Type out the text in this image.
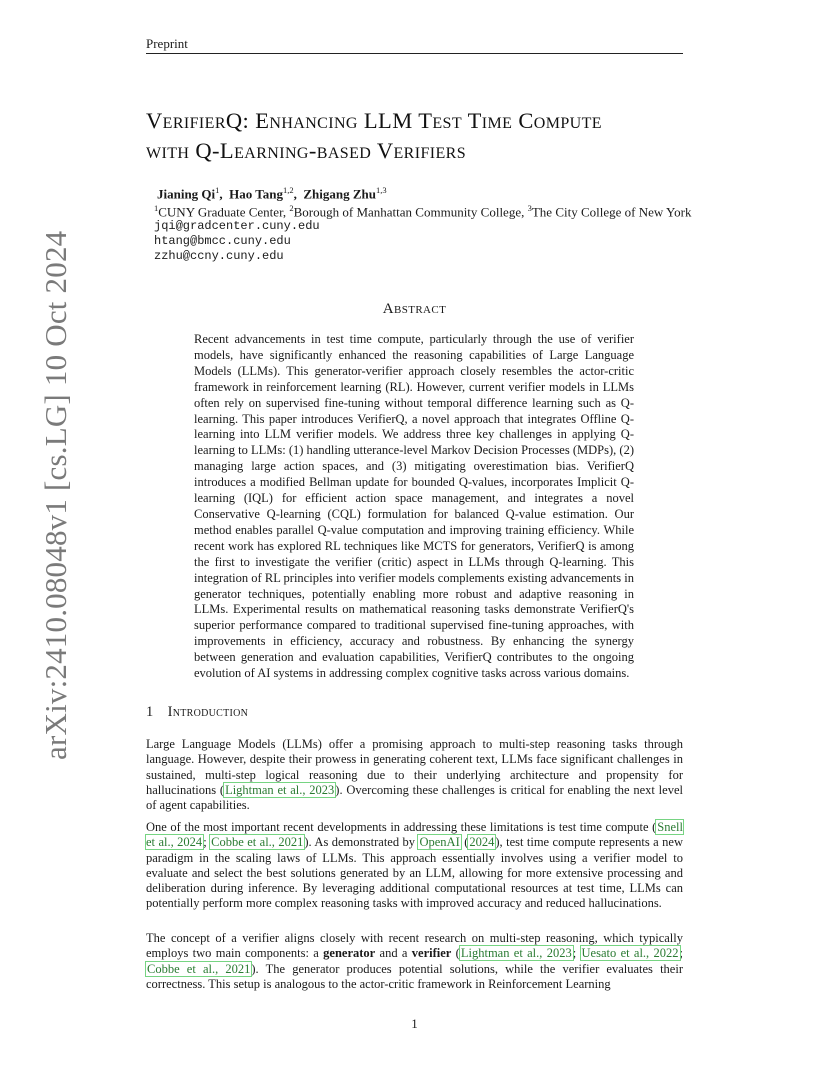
Preprint
arXiv:2410.08048v1 [cs.LG] 10 Oct 2024
VerifierQ: Enhancing LLM Test Time Compute
with Q-Learning-based Verifiers
Jianing Qi$^1$,  Hao Tang$^{1,2}$,  Zhigang Zhu$^{1,3}$
$^1$CUNY Graduate Center, $^2$Borough of Manhattan Community College, $^3$The City College of New York
jqi@gradcenter.cuny.edu
htang@bmcc.cuny.edu
zzhu@ccny.cuny.edu
Abstract
Recent advancements in test time compute, particularly through the use of verifier models, have significantly enhanced the reasoning capabilities of Large Language Models (LLMs). This generator-verifier approach closely resembles the actor-critic framework in reinforcement learning (RL). However, current verifier models in LLMs often rely on supervised fine-tuning without temporal difference learning such as Q-learning. This paper introduces VerifierQ, a novel approach that integrates Offline Q-learning into LLM verifier models. We address three key challenges in applying Q-learning to LLMs: (1) handling utterance-level Markov Decision Processes (MDPs), (2) managing large action spaces, and (3) mitigating overestimation bias. VerifierQ introduces a modified Bellman update for bounded Q-values, incorporates Implicit Q-learning (IQL) for efficient action space management, and integrates a novel Conservative Q-learning (CQL) formulation for balanced Q-value estimation. Our method enables parallel Q-value computation and improving training efficiency. While recent work has explored RL techniques like MCTS for generators, VerifierQ is among the first to investigate the verifier (critic) aspect in LLMs through Q-learning. This integration of RL principles into verifier models complements existing advancements in generator techniques, potentially enabling more robust and adaptive reasoning in LLMs. Experimental results on mathematical reasoning tasks demonstrate VerifierQ's superior performance compared to traditional supervised fine-tuning approaches, with improvements in efficiency, accuracy and robustness. By enhancing the synergy between generation and evaluation capabilities, VerifierQ contributes to the ongoing evolution of AI systems in addressing complex cognitive tasks across various domains.
1 Introduction
Large Language Models (LLMs) offer a promising approach to multi-step reasoning tasks through language. However, despite their prowess in generating coherent text, LLMs face significant challenges in sustained, multi-step logical reasoning due to their underlying architecture and propensity for hallucinations (Lightman et al., 2023). Overcoming these challenges is critical for enabling the next level of agent capabilities.
One of the most important recent developments in addressing these limitations is test time compute (Snell et al., 2024; Cobbe et al., 2021). As demonstrated by OpenAI (2024), test time compute represents a new paradigm in the scaling laws of LLMs. This approach essentially involves using a verifier model to evaluate and select the best solutions generated by an LLM, allowing for more extensive processing and deliberation during inference. By leveraging additional computational resources at test time, LLMs can potentially perform more complex reasoning tasks with improved accuracy and reduced hallucinations.
The concept of a verifier aligns closely with recent research on multi-step reasoning, which typically employs two main components: a generator and a verifier (Lightman et al., 2023; Uesato et al., 2022; Cobbe et al., 2021). The generator produces potential solutions, while the verifier evaluates their correctness. This setup is analogous to the actor-critic framework in Reinforcement Learning
1
